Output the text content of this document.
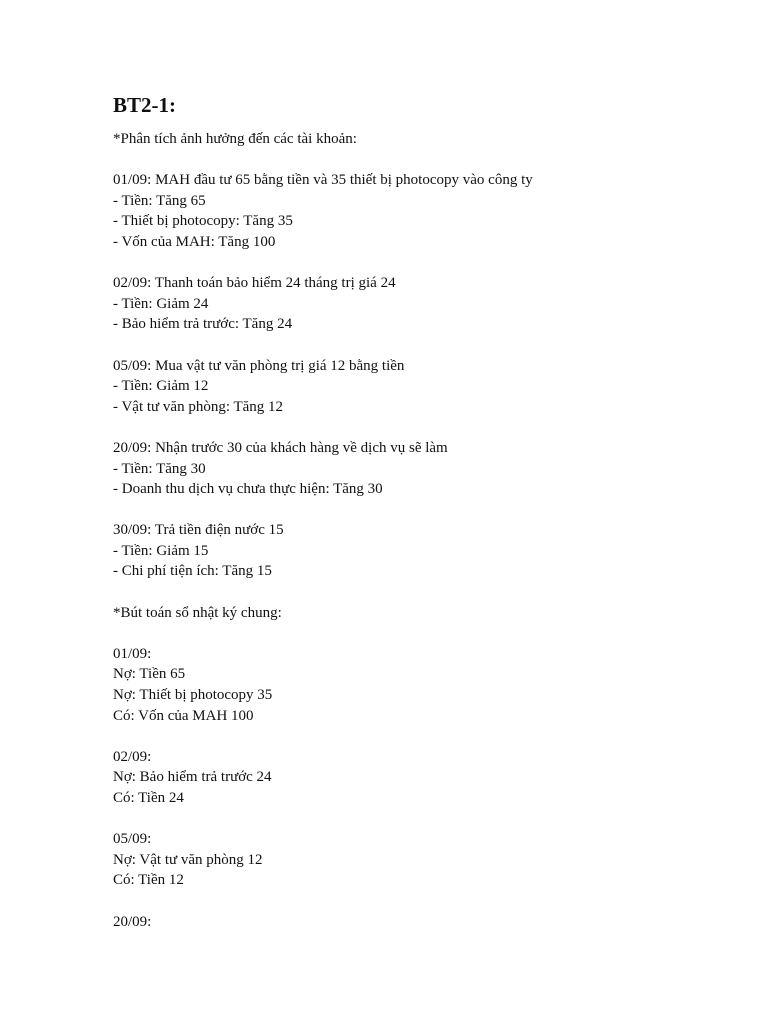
BT2-1:
*Phân tích ảnh hưởng đến các tài khoản:
01/09: MAH đầu tư 65 bằng tiền và 35 thiết bị photocopy vào công ty
- Tiền: Tăng 65
- Thiết bị photocopy: Tăng 35
- Vốn của MAH: Tăng 100
02/09: Thanh toán bảo hiểm 24 tháng trị giá 24
- Tiền: Giảm 24
- Bảo hiểm trả trước: Tăng 24
05/09: Mua vật tư văn phòng trị giá 12 bằng tiền
- Tiền: Giảm 12
- Vật tư văn phòng: Tăng 12
20/09: Nhận trước 30 của khách hàng về dịch vụ sẽ làm
- Tiền: Tăng 30
- Doanh thu dịch vụ chưa thực hiện: Tăng 30
30/09: Trả tiền điện nước 15
- Tiền: Giảm 15
- Chi phí tiện ích: Tăng 15
*Bút toán sổ nhật ký chung:
01/09:
Nợ: Tiền 65
Nợ: Thiết bị photocopy 35
Có: Vốn của MAH 100
02/09:
Nợ: Bảo hiểm trả trước 24
Có: Tiền 24
05/09:
Nợ: Vật tư văn phòng 12
Có: Tiền 12
20/09:
